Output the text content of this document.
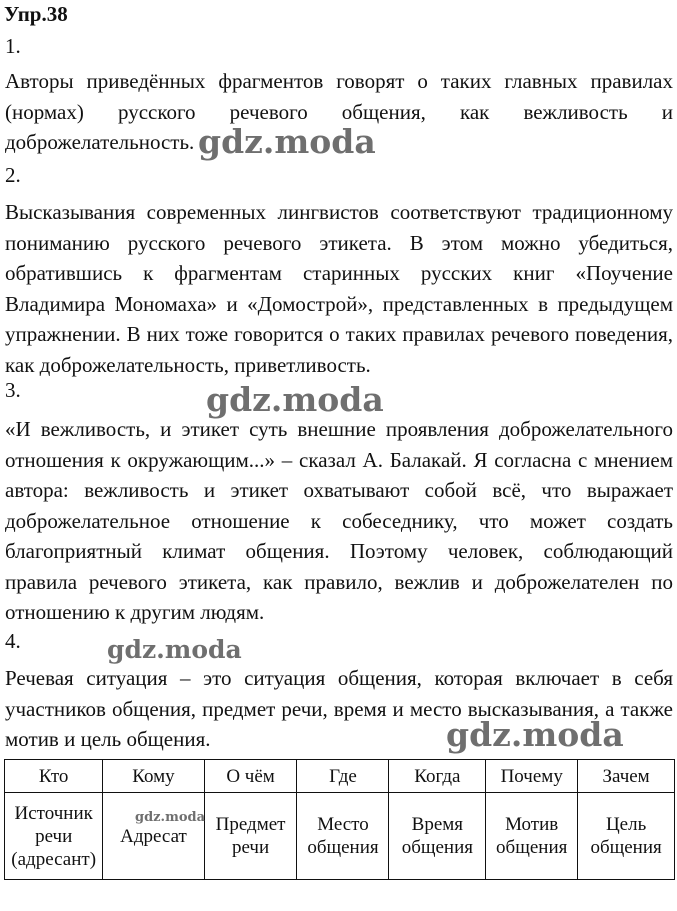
Упр.38
1.

Авторы приведённых фрагментов говорят о таких главных правилах (нормах) русского речевого общения, как вежливость и доброжелательность.

2.

Высказывания современных лингвистов соответствуют традиционному пониманию русского речевого этикета. В этом можно убедиться, обратившись к фрагментам старинных русских книг «Поучение Владимира Мономаха» и «Домострой», представленных в предыдущем упражнении. В них тоже говорится о таких правилах речевого поведения, как доброжелательность, приветливость.

3.

«И вежливость, и этикет суть внешние проявления доброжелательного отношения к окружающим...» – сказал А. Балакай. Я согласна с мнением автора: вежливость и этикет охватывают собой всё, что выражает доброжелательное отношение к собеседнику, что может создать благоприятный климат общения. Поэтому человек, соблюдающий правила речевого этикета, как правило, вежлив и доброжелателен по отношению к другим людям.

4.

Речевая ситуация – это ситуация общения, которая включает в себя участников общения, предмет речи, время и место высказывания, а также мотив и цель общения.

Кто	Кому	О чём	Где	Когда	Почему	Зачем
Источник речи (адресант)	Адресат	Предмет речи	Место общения	Время общения	Мотив общения	Цель общения
gdz.moda
gdz.moda
gdz.moda
gdz.moda
gdz.moda
